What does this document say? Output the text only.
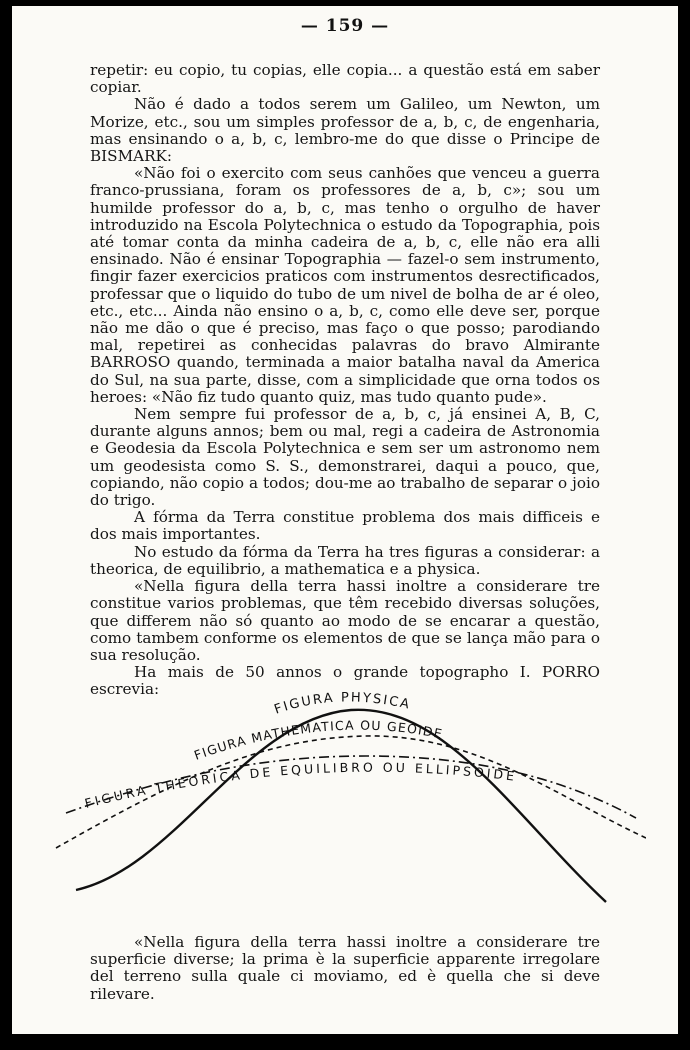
— 159 —

repetir: eu copio, tu copias, elle copia... a questão está em saber copiar.

Não é dado a todos serem um Galileo, um Newton, um Morize, etc., sou um simples professor de a, b, c, de engenharia, mas ensinando o a, b, c, lembro-me do que disse o Principe de BISMARK:

«Não foi o exercito com seus canhões que venceu a guerra franco-prussiana, foram os professores de a, b, c»; sou um humilde professor do a, b, c, mas tenho o orgulho de haver introduzido na Escola Polytechnica o estudo da Topographia, pois até tomar conta da minha cadeira de a, b, c, elle não era alli ensinado. Não é ensinar Topographia — fazel-o sem instrumento, fingir fazer exercicios praticos com instrumentos desrectificados, professar que o liquido do tubo de um nivel de bolha de ar é oleo, etc., etc... Ainda não ensino o a, b, c, como elle deve ser, porque não me dão o que é preciso, mas faço o que posso; parodiando mal, repetirei as conhecidas palavras do bravo Almirante BARROSO quando, terminada a maior batalha naval da America do Sul, na sua parte, disse, com a simplicidade que orna todos os heroes: «Não fiz tudo quanto quiz, mas tudo quanto pude».

Nem sempre fui professor de a, b, c, já ensinei A, B, C, durante alguns annos; bem ou mal, regi a cadeira de Astronomia e Geodesia da Escola Polytechnica e sem ser um astronomo nem um geodesista como S. S., demonstrarei, daqui a pouco, que, copiando, não copio a todos; dou-me ao trabalho de separar o joio do trigo.

A fórma da Terra constitue problema dos mais difficeis e dos mais importantes.

No estudo da fórma da Terra ha tres figuras a considerar: a theorica, de equilibrio, a mathematica e a physica.

«Nella figura della terra hassi inoltre a considerare tre constitue varios problemas, que têm recebido diversas soluções, que differem não só quanto ao modo de se encarar a questão, como tambem conforme os elementos de que se lança mão para o sua resolução.

Ha mais de 50 annos o grande topographo I. PORRO escrevia:

FIGURA PHYSICA
FIGURA MATHEMATICA OU GEOIDE
FIGURA THEORICA DE EQUILIBRO OU ELLIPSOIDE

«Nella figura della terra hassi inoltre a considerare tre superficie diverse; la prima è la superficie apparente irregolare del terreno sulla quale ci moviamo, ed è quella che si deve rilevare.
